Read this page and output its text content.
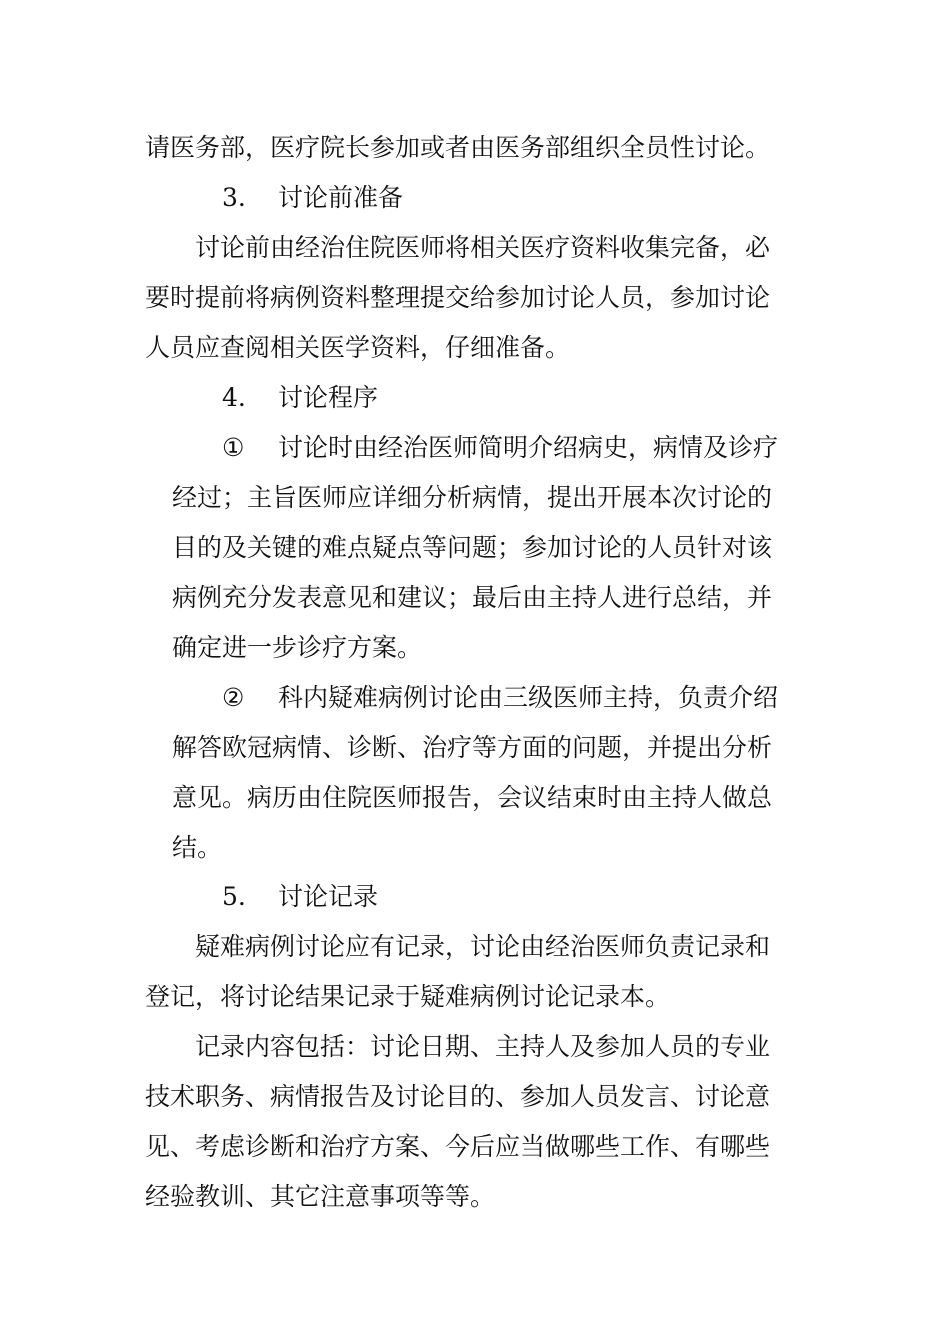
请医务部，医疗院长参加或者由医务部组织全员性讨论。
3. 讨论前准备
讨论前由经治住院医师将相关医疗资料收集完备，必
要时提前将病例资料整理提交给参加讨论人员，参加讨论
人员应查阅相关医学资料，仔细准备。
4. 讨论程序
① 讨论时由经治医师简明介绍病史，病情及诊疗
经过；主旨医师应详细分析病情，提出开展本次讨论的
目的及关键的难点疑点等问题；参加讨论的人员针对该
病例充分发表意见和建议；最后由主持人进行总结，并
确定进一步诊疗方案。
② 科内疑难病例讨论由三级医师主持，负责介绍
解答欧冠病情、诊断、治疗等方面的问题，并提出分析
意见。病历由住院医师报告，会议结束时由主持人做总
结。
5. 讨论记录
疑难病例讨论应有记录，讨论由经治医师负责记录和
登记，将讨论结果记录于疑难病例讨论记录本。
记录内容包括：讨论日期、主持人及参加人员的专业
技术职务、病情报告及讨论目的、参加人员发言、讨论意
见、考虑诊断和治疗方案、今后应当做哪些工作、有哪些
经验教训、其它注意事项等等。
